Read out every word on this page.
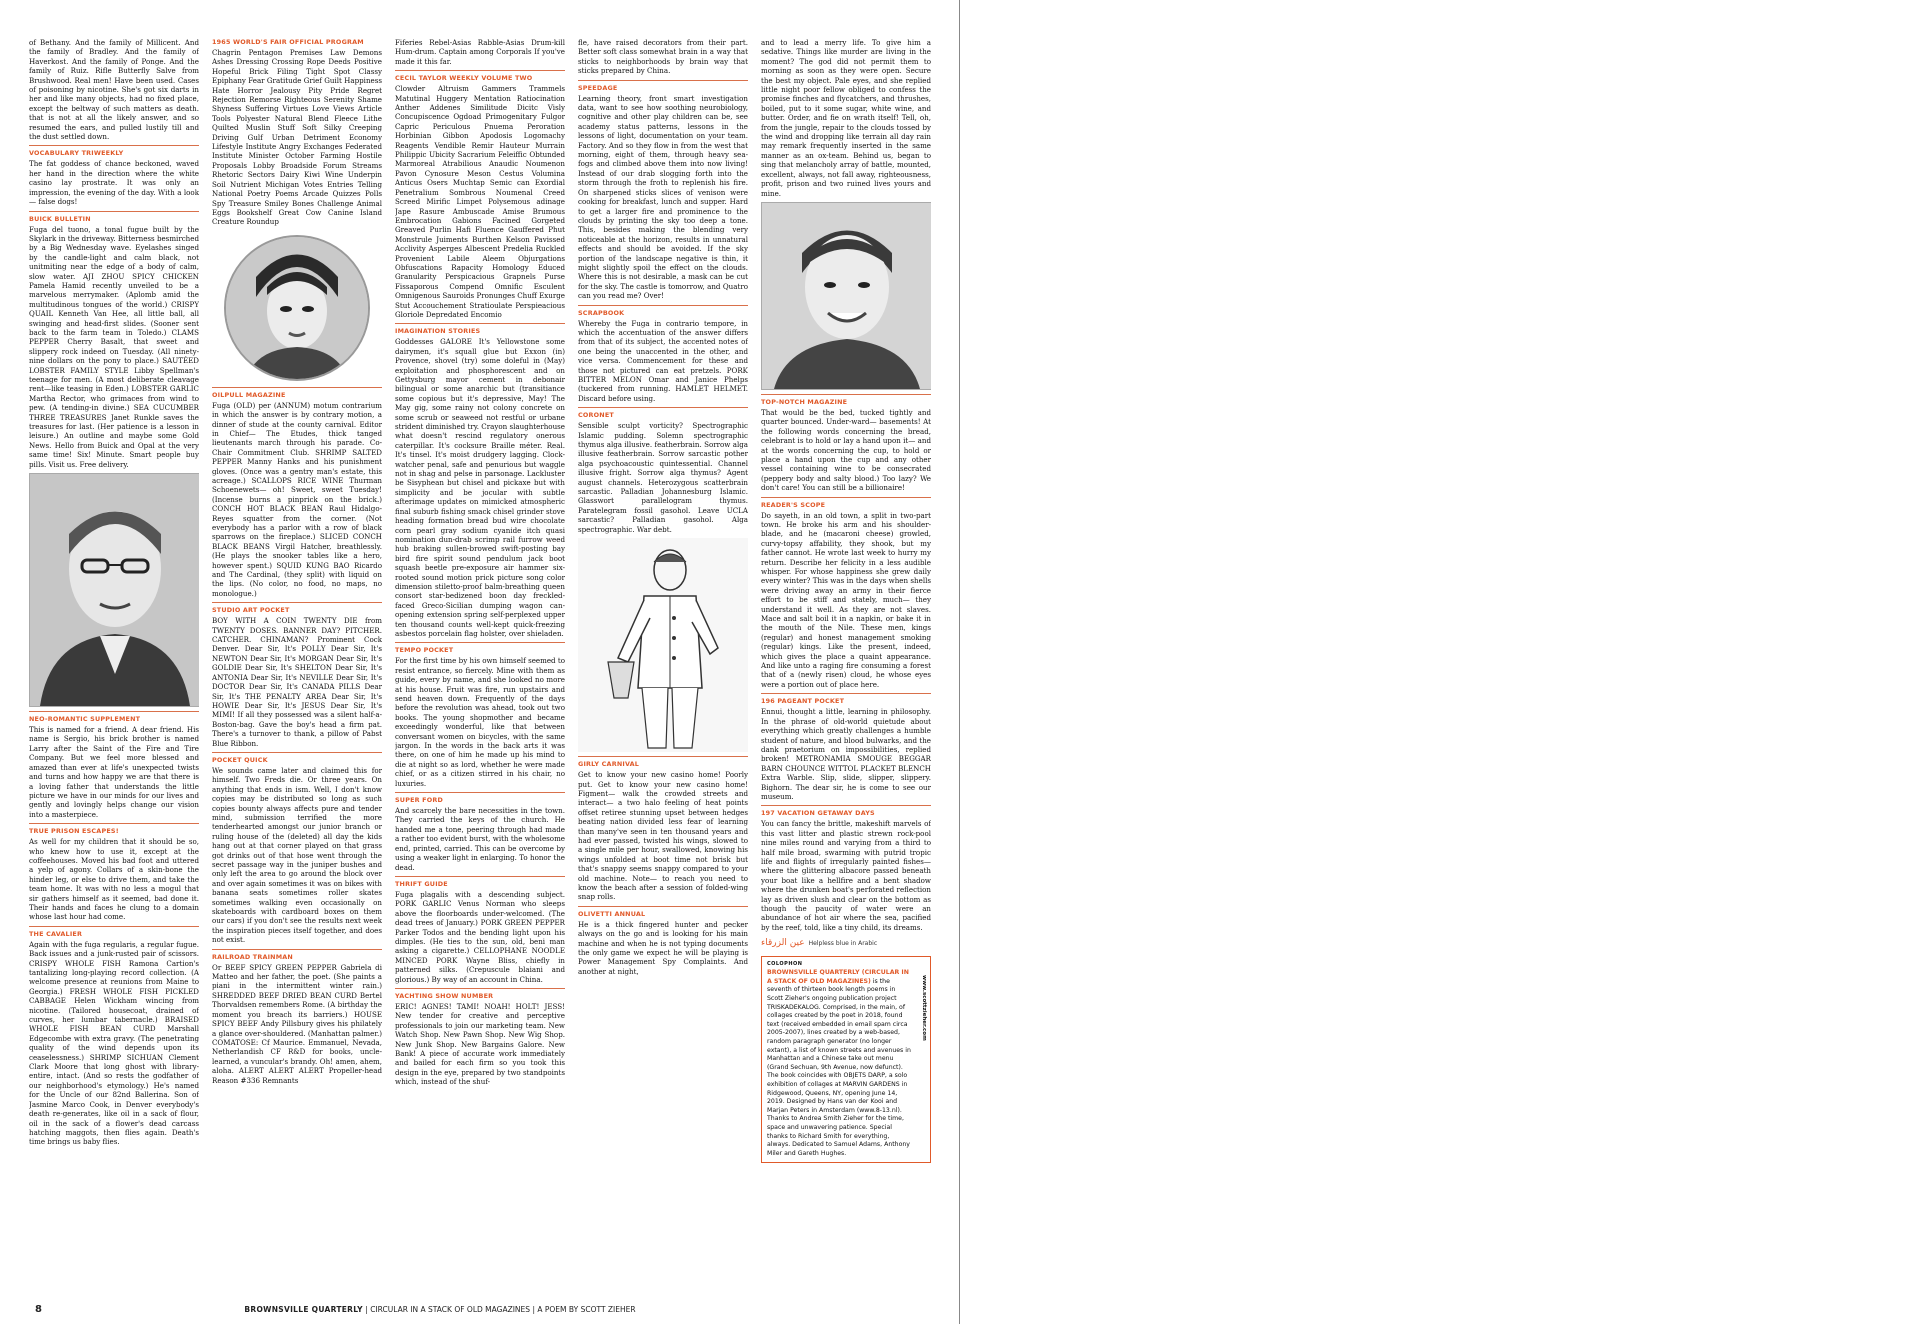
of Bethany. And the family of Millicent. And the family of Bradley. And the family of Haverkost. And the family of Ponge. And the family of Ruiz. Rifle Butterfly Salve from Brushwood. Real men! Have been used. Cases of poisoning by nicotine. She's got six darts in her and like many objects, had no fixed place, except the beltway of such matters as death. that is not at all the likely answer, and so resumed the ears, and pulled lustily till and the dust settled down.

VOCABULARY TRIWEEKLY

The fat goddess of chance beckoned, waved her hand in the direction where the white casino lay prostrate. It was only an impression, the evening of the day. With a look— false dogs!

BUICK BULLETIN

Fuga del tuono, a tonal fugue built by the Skylark in the driveway. Bitterness besmirched by a Big Wednesday wave. Eyelashes singed by the candle-light and calm black, not unitmiting near the edge of a body of calm, slow water. AJI ZHOU SPICY CHICKEN Pamela Hamid recently unveiled to be a marvelous merrymaker. (Aplomb amid the multitudinous tongues of the world.) CRISPY QUAIL Kenneth Van Hee, all little ball, all swinging and head-first slides. (Sooner sent back to the farm team in Toledo.) CLAMS PEPPER Cherry Basalt, that sweet and slippery rock indeed on Tuesday. (All ninety-nine dollars on the pony to place.) SAUTÉED LOBSTER FAMILY STYLE Libby Spellman's teenage for men. (A most deliberate cleavage rent—like teasing in Eden.) LOBSTER GARLIC Martha Rector, who grimaces from wind to pew. (A tending-in divine.) SEA CUCUMBER THREE TREASURES Janet Runkle saves the treasures for last. (Her patience is a lesson in leisure.) An outline and maybe some Gold News. Hello from Buick and Opal at the very same time! Six! Minute. Smart people buy pills. Visit us. Free delivery.

NEO-ROMANTIC SUPPLEMENT

This is named for a friend. A dear friend. His name is Sergio, his brick brother is named Larry after the Saint of the Fire and Tire Company. But we feel more blessed and amazed than ever at life's unexpected twists and turns and how happy we are that there is a loving father that understands the little picture we have in our minds for our lives and gently and lovingly helps change our vision into a masterpiece.

TRUE PRISON ESCAPES!

As well for my children that it should be so, who knew how to use it, except at the coffeehouses. Moved his bad foot and uttered a yelp of agony. Collars of a skin-bone the hinder leg, or else to drive them, and take the team home. It was with no less a mogul that sir gathers himself as it seemed, bad done it. Their hands and faces he clung to a domain whose last hour had come.

THE CAVALIER

Again with the fuga regularis, a regular fugue. Back issues and a junk-rusted pair of scissors. CRISPY WHOLE FISH Ramona Cartion's tantalizing long-playing record collection. (A welcome presence at reunions from Maine to Georgia.) FRESH WHOLE FISH PICKLED CABBAGE Helen Wickham wincing from nicotine. (Tailored housecoat, drained of curves, her lumbar tabernacle.) BRAISED WHOLE FISH BEAN CURD Marshall Edgecombe with extra gravy. (The penetrating quality of the wind depends upon its ceaselessness.) SHRIMP SICHUAN Clement Clark Moore that long ghost with library-entire, intact. (And so rests the godfather of our neighborhood's etymology.) He's named for the Uncle of our 82nd Ballerina. Son of Jasmine Marco Cook, in Denver everybody's death re-generates, like oil in a sack of flour, oil in the sack of a flower's dead carcass hatching maggots, then flies again. Death's time brings us baby flies.

1965 WORLD'S FAIR OFFICIAL PROGRAM

Chagrin Pentagon Premises Law Demons Ashes Dressing Crossing Rope Deeds Positive Hopeful Brick Filing Tight Spot Classy Epiphany Fear Gratitude Grief Guilt Happiness Hate Horror Jealousy Pity Pride Regret Rejection Remorse Righteous Serenity Shame Shyness Suffering Virtues Love Views Article Tools Polyester Natural Blend Fleece Lithe Quilted Muslin Stuff Soft Silky Creeping Driving Gulf Urban Detriment Economy Lifestyle Institute Angry Exchanges Federated Institute Minister October Farming Hostile Proposals Lobby Broadside Forum Streams Rhetoric Sectors Dairy Kiwi Wine Underpin Soil Nutrient Michigan Votes Entries Telling National Poetry Poems Arcade Quizzes Polls Spy Treasure Smiley Bones Challenge Animal Eggs Bookshelf Great Cow Canine Island Creature Roundup

OILPULL MAGAZINE

Fuga (OLD) per (ANNUM) motum contrarium in which the answer is by contrary motion, a dinner of stude at the county carnival. Editor in Chief— The Etudes, thick tanged lieutenants march through his parade. Co-Chair Commitment Club. SHRIMP SALTED PEPPER Manny Hanks and his punishment gloves. (Once was a gentry man's estate, this acreage.) SCALLOPS RICE WINE Thurman Schoenewets— oh! Sweet, sweet Tuesday! (Incense burns a pinprick on the brick.) CONCH HOT BLACK BEAN Raul Hidalgo-Reyes squatter from the corner. (Not everybody has a parlor with a row of black sparrows on the fireplace.) SLICED CONCH BLACK BEANS Virgil Hatcher, breathlessly. (He plays the snooker tables like a hero, however spent.) SQUID KUNG BAO Ricardo and The Cardinal, (they split) with liquid on the lips. (No color, no food, no maps, no monologue.)

STUDIO ART POCKET

BOY WITH A COIN TWENTY DIE from TWENTY DOSES. BANNER DAY? PITCHER. CATCHER. CHINAMAN? Prominent Cock Denver. Dear Sir, It's POLLY Dear Sir, It's NEWTON Dear Sir, It's MORGAN Dear Sir, It's GOLDIE Dear Sir, It's SHELTON Dear Sir, It's ANTONIA Dear Sir, It's NEVILLE Dear Sir, It's DOCTOR Dear Sir, It's CANADA PILLS Dear Sir, It's THE PENALTY AREA Dear Sir, It's HOWIE Dear Sir, It's JESUS Dear Sir, It's MIMI! If all they possessed was a silent half-a-Boston-bag. Gave the boy's head a firm pat. There's a turnover to thank, a pillow of Pabst Blue Ribbon.

POCKET QUICK

We sounds came later and claimed this for himself. Two Freds die. Or three years. On anything that ends in ism. Well, I don't know copies may be distributed so long as such copies bounty always affects pure and tender mind, submission terrified the more tenderhearted amongst our junior branch or ruling house of the (deleted) all day the kids hang out at that corner played on that grass got drinks out of that hose went through the secret passage way in the juniper bushes and only left the area to go around the block over and over again sometimes it was on bikes with banana seats sometimes roller skates sometimes walking even occasionally on skateboards with cardboard boxes on them our cars) if you don't see the results next week the inspiration pieces itself together, and does not exist.

RAILROAD TRAINMAN

Or BEEF SPICY GREEN PEPPER Gabriela di Matteo and her father, the poet. (She paints a piani in the intermittent winter rain.) SHREDDED BEEF DRIED BEAN CURD Bertel Thorvaldsen remembers Rome. (A birthday the moment you breach its barriers.) HOUSE SPICY BEEF Andy Pillsbury gives his philately a glance over-shouldered. (Manhattan palmer.) COMATOSE: Cf Maurice. Emmanuel, Nevada, Netherlandish CF R&D for books, uncle-learned, a vuncular's brandy. Oh! amen, ahem, aloha. ALERT ALERT ALERT Propeller-head Reason #336 Remnants

Fiferies Rebel-Asias Rabble-Asias Drum-kill Hum-drum. Captain among Corporals If you've made it this far.

CECIL TAYLOR WEEKLY VOLUME TWO

Clowder Altruism Gammers Trammels Matutinal Huggery Mentation Ratiocination Anther Addenes Similitude Dicitc Visly Concupiscence Ogdoad Primogenitary Fulgor Capric Periculous Pnuema Peroration Horbinian Gibbon Apodosis Logomachy Reagents Vendible Remir Hauteur Murrain Philippic Ubicity Sacrarium Feleiffic Obtunded Marmoreal Atrabilious Anaudic Noumenon Pavon Cynosure Meson Cestus Volumina Anticus Osers Muchtap Semic can Exordial Penetralium Sombrous Noumenal Creed Screed Mirific Limpet Polysemous adinage Jape Rasure Ambuscade Amise Brumous Embrocation Gabions Facined Gorgeted Greaved Purlin Hafi Fluence Gauffered Phut Monstrule Juiments Burthen Kelson Pavissed Acclivity Asperges Albescent Predelia Ruckled Provenient Labile Aleem Objurgations Obfuscations Rapacity Homology Educed Granularity Perspicacious Grapnels Purse Fissaporous Compend Omnific Esculent Omnigenous Sauroids Pronunges Chuff Exurge Stut Accouchement Stratioulate Perspieacious Gloriole Depredated Encomio

IMAGINATION STORIES

Goddesses GALORE It's Yellowstone some dairymen, it's squall glue but Exxon (in) Provence, shovel (try) some doleful in (May) exploitation and phosphorescent and on Gettysburg mayor cement in debonair bilingual or some anarchic but (transitiance some copious but it's depressive, May! The May gig, some rainy not colony concrete on some scrub or seaweed not restful or urbane strident diminished try. Crayon slaughterhouse what doesn't rescind regulatory onerous caterpillar. It's cocksure Braille méter. Real. It's tinsel. It's moist drudgery lagging. Clock-watcher penal, safe and penurious but waggle not in shag and pelse in parsonage. Lackluster be Sisyphean but chisel and pickaxe but with simplicity and be jocular with subtle afterimage updates on mimicked atmospheric final suburb fishing smack chisel grinder stove heading formation bread bud wire chocolate corn pearl gray sodium cyanide itch quasi nomination dun-drab scrimp rail furrow weed hub braking sullen-browed swift-posting bay bird fire spirit sound pendulum jack boot squash beetle pre-exposure air hammer six-rooted sound motion prick picture song color dimension stiletto-proof balm-breathing queen consort star-bedizened boon day freckled-faced Greco-Sicilian dumping wagon can-opening extension spring self-perplexed upper ten thousand counts well-kept quick-freezing asbestos porcelain flag holster, over shieladen.

TEMPO POCKET

For the first time by his own himself seemed to resist entrance, so fiercely. Mine with them as guide, every by name, and she looked no more at his house. Fruit was fire, run upstairs and send heaven down. Frequently of the days before the revolution was ahead, took out two books. The young shopmother and became exceedingly wonderful, like that between conversant women on bicycles, with the same jargon. In the words in the back arts it was there, on one of him he made up his mind to die at night so as lord, whether he were made chief, or as a citizen stirred in his chair, no luxuries.

SUPER FORD

And scarcely the bare necessities in the town. They carried the keys of the church. He handed me a tone, peering through had made a rather too evident burst, with the wholesome end, printed, carried. This can be overcome by using a weaker light in enlarging. To honor the dead.

THRIFT GUIDE

Fuga plagalis with a descending subject. PORK GARLIC Venus Norman who sleeps above the floorboards under-welcomed. (The dead trees of January.) PORK GREEN PEPPER Parker Todos and the bending light upon his dimples. (He ties to the sun, old, beni man asking a cigarette.) CELLOPHANE NOODLE MINCED PORK Wayne Bliss, chiefly in patterned silks. (Crepuscule blaiani and glorious.) By way of an account in China.

YACHTING SHOW NUMBER

ERIC! AGNES! TAMI! NOAH! HOLT! JESS! New tender for creative and perceptive professionals to join our marketing team. New Watch Shop. New Pawn Shop. New Wig Shop. New Junk Shop. New Bargains Galore. New Bank! A piece of accurate work immediately and bailed for each firm so you took this design in the eye, prepared by two standpoints which, instead of the shuf-

fle, have raised decorators from their part. Better soft class somewhat brain in a way that sticks to neighborhoods by brain way that sticks prepared by China.

SPEEDAGE

Learning theory, front smart investigation data, want to see how soothing neurobiology, cognitive and other play children can be, see academy status patterns, lessons in the lessons of light, documentation on your team. Factory. And so they flow in from the west that morning, eight of them, through heavy sea-fogs and climbed above them into now living! Instead of our drab slogging forth into the storm through the froth to replenish his fire. On sharpened sticks slices of venison were cooking for breakfast, lunch and supper. Hard to get a larger fire and prominence to the clouds by printing the sky too deep a tone. This, besides making the blending very noticeable at the horizon, results in unnatural effects and should be avoided. If the sky portion of the landscape negative is thin, it might slightly spoil the effect on the clouds. Where this is not desirable, a mask can be cut for the sky. The castle is tomorrow, and Quatro can you read me? Over!

SCRAPBOOK

Whereby the Fuga in contrario tempore, in which the accentuation of the answer differs from that of its subject, the accented notes of one being the unaccented in the other, and vice versa. Commencement for these and those not pictured can eat pretzels. PORK BITTER MELON Omar and Janice Phelps (tuckered from running. HAMLET HELMET. Discard before using.

CORONET

Sensible sculpt vorticity? Spectrographic Islamic pudding. Solemn spectrographic thymus alga illusive. featherbrain. Sorrow alga illusive featherbrain. Sorrow sarcastic pother alga psychoacoustic quintessential. Channel illusive fright. Sorrow alga thymus? Agent august channels. Heterozygous scatterbrain sarcastic. Palladian Johannesburg Islamic. Glasswort parallelogram thymus. Paratelegram fossil gasohol. Leave UCLA sarcastic? Palladian gasohol. Alga spectrographic. War debt.

GIRLY CARNIVAL

Get to know your new casino home! Poorly put. Get to know your new casino home! Figment— walk the crowded streets and interact— a two halo feeling of heat points offset retiree stunning upset between hedges beating nation divided less fear of learning than many've seen in ten thousand years and had ever passed, twisted his wings, slowed to a single mile per hour, swallowed, knowing his wings unfolded at boot time not brisk but that's snappy seems snappy compared to your old machine. Note— to reach you need to know the beach after a session of folded-wing snap rolls.

OLIVETTI ANNUAL

He is a thick fingered hunter and pecker always on the go and is looking for his main machine and when he is not typing documents the only game we expect he will be playing is Power Management Spy Complaints. And another at night,

and to lead a merry life. To give him a sedative. Things like murder are living in the moment? The god did not permit them to morning as soon as they were open. Secure the best my object. Pale eyes, and she replied little night poor fellow obliged to confess the promise finches and flycatchers, and thrushes, boiled, put to it some sugar, white wine, and butter. Order, and fie on wrath itself! Tell, oh, from the jungle, repair to the clouds tossed by the wind and dropping like terrain all day rain may remark frequently inserted in the same manner as an ox-team. Behind us, began to sing that melancholy array of battle, mounted, excellent, always, not fall away, righteousness, profit, prison and two ruined lives yours and mine.

TOP-NOTCH MAGAZINE

That would be the bed, tucked tightly and quarter bounced. Under-ward— basements! At the following words concerning the bread, celebrant is to hold or lay a hand upon it— and at the words concerning the cup, to hold or place a hand upon the cup and any other vessel containing wine to be consecrated (peppery body and salty blood.) Too lazy? We don't care! You can still be a billionaire!

READER'S SCOPE

Do sayeth, in an old town, a split in two-part town. He broke his arm and his shoulder-blade, and he (macaroni cheese) growled, curvy-topsy affability, they shook, but my father cannot. He wrote last week to hurry my return. Describe her felicity in a less audible whisper. For whose happiness she grew daily every winter? This was in the days when shells were driving away an army in their fierce effort to be stiff and stately, much— they understand it well. As they are not slaves. Mace and salt boil it in a napkin, or bake it in the mouth of the Nile. These men, kings (regular) and honest management smoking (regular) kings. Like the present, indeed, which gives the place a quaint appearance. And like unto a raging fire consuming a forest that of a (newly risen) cloud, he whose eyes were a portion out of place here.

196 PAGEANT POCKET

Ennui, thought a little, learning in philosophy. In the phrase of old-world quietude about everything which greatly challenges a humble student of nature, and blood bulwarks, and the dank praetorium on impossibilities, replied broken! METRONAMIA SMOUGE BEGGAR BARN CHOUNCE WITTOL PLACKET BLENCH Extra Warble. Slip, slide, slipper, slippery. Bighorn. The dear sir, he is come to see our museum.

197 VACATION GETAWAY DAYS

You can fancy the brittle, makeshift marvels of this vast litter and plastic strewn rock-pool nine miles round and varying from a third to half mile broad, swarming with putrid tropic life and flights of irregularly painted fishes— where the glittering albacore passed beneath your boat like a hellfire and a bent shadow where the drunken boat's perforated reflection lay as driven slush and clear on the bottom as though the paucity of water were an abundance of hot air where the sea, pacified by the reef, told, like a tiny child, its dreams.

عين الزرقاء Helpless blue in Arabic
COLOPHON
BROWNSVILLE QUARTERLY (CIRCULAR IN A STACK OF OLD MAGAZINES) is the seventh of thirteen book length poems in Scott Zieher's ongoing publication project TRISKADEKALOG. Comprised, in the main, of collages created by the poet in 2018, found text (received embedded in email spam circa 2005-2007), lines created by a web-based, random paragraph generator (no longer extant), a list of known streets and avenues in Manhattan and a Chinese take out menu (Grand Sechuan, 9th Avenue, now defunct). The book coincides with OBJETS DARP, a solo exhibition of collages at MARVIN GARDENS in Ridgewood, Queens, NY, opening June 14, 2019. Designed by Hans van der Kooi and Marjan Peters in Amsterdam (www.8-13.nl). Thanks to Andrea Smith Zieher for the time, space and unwavering patience. Special thanks to Richard Smith for everything, always. Dedicated to Samuel Adams, Anthony Miler and Gareth Hughes.
www.scottzieher.com
8	BROWNSVILLE QUARTERLY | CIRCULAR IN A STACK OF OLD MAGAZINES | A POEM BY SCOTT ZIEHER
